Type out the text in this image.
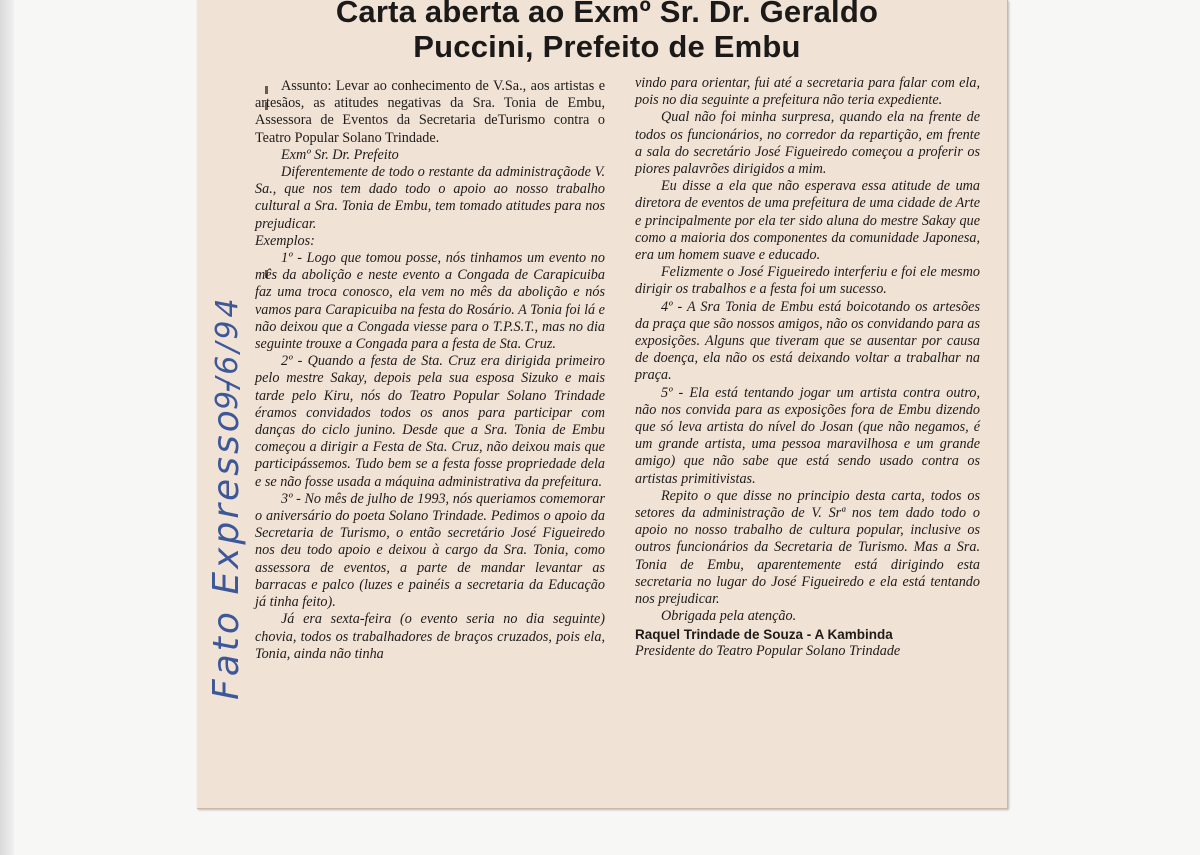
Carta aberta ao Exmº Sr. Dr. Geraldo
Puccini, Prefeito de Embu

Assunto: Levar ao conhecimento de V.Sa., aos artistas e artesãos, as atitudes negativas da Sra. Tonia de Embu, Assessora de Eventos da Secretaria deTurismo contra o Teatro Popular Solano Trindade.

Exmº Sr. Dr. Prefeito

Diferentemente de todo o restante da administraçãode V. Sa., que nos tem dado todo o apoio ao nosso trabalho cultural a Sra. Tonia de Embu, tem tomado atitudes para nos prejudicar.

Exemplos:

1º - Logo que tomou posse, nós tinhamos um evento no mês da abolição e neste evento a Congada de Carapicuiba faz uma troca conosco, ela vem no mês da abolição e nós vamos para Carapicuiba na festa do Rosário. A Tonia foi lá e não deixou que a Congada viesse para o T.P.S.T., mas no dia seguinte trouxe a Congada para a festa de Sta. Cruz.

2º - Quando a festa de Sta. Cruz era dirigida primeiro pelo mestre Sakay, depois pela sua esposa Sizuko e mais tarde pelo Kiru, nós do Teatro Popular Solano Trindade éramos convidados todos os anos para participar com danças do ciclo junino. Desde que a Sra. Tonia de Embu começou a dirigir a Festa de Sta. Cruz, não deixou mais que participássemos. Tudo bem se a festa fosse propriedade dela e se não fosse usada a máquina administrativa da prefeitura.

3º - No mês de julho de 1993, nós queriamos comemorar o aniversário do poeta Solano Trindade. Pedimos o apoio da Secretaria de Turismo, o então secretário José Figueiredo nos deu todo apoio e deixou à cargo da Sra. Tonia, como assessora de eventos, a parte de mandar levantar as barracas e palco (luzes e painéis a secretaria da Educação já tinha feito).

Já era sexta-feira (o evento seria no dia seguinte) chovia, todos os trabalhadores de braços cruzados, pois ela, Tonia, ainda não tinha

vindo para orientar, fui até a secretaria para falar com ela, pois no dia seguinte a prefeitura não teria expediente.

Qual não foi minha surpresa, quando ela na frente de todos os funcionários, no corredor da repartição, em frente a sala do secretário José Figueiredo começou a proferir os piores palavrões dirigidos a mim.

Eu disse a ela que não esperava essa atitude de uma diretora de eventos de uma prefeitura de uma cidade de Arte e principalmente por ela ter sido aluna do mestre Sakay que como a maioria dos componentes da comunidade Japonesa, era um homem suave e educado.

Felizmente o José Figueiredo interferiu e foi ele mesmo dirigir os trabalhos e a festa foi um sucesso.

4º - A Sra Tonia de Embu está boicotando os artesões da praça que são nossos amigos, não os convidando para as exposições. Alguns que tiveram que se ausentar por causa de doença, ela não os está deixando voltar a trabalhar na praça.

5º - Ela está tentando jogar um artista contra outro, não nos convida para as exposições fora de Embu dizendo que só leva artista do nível do Josan (que não negamos, é um grande artista, uma pessoa maravilhosa e um grande amigo) que não sabe que está sendo usado contra os artistas primitivistas.

Repito o que disse no principio desta carta, todos os setores da administração de V. Srª nos tem dado todo o apoio no nosso trabalho de cultura popular, inclusive os outros funcionários da Secretaria de Turismo. Mas a Sra. Tonia de Embu, aparentemente está dirigindo esta secretaria no lugar do José Figueiredo e ela está tentando nos prejudicar.

Obrigada pela atenção.

Raquel Trindade de Souza - A Kambinda

Presidente do Teatro Popular Solano Trindade

Fato Expresso -
9/6/94
